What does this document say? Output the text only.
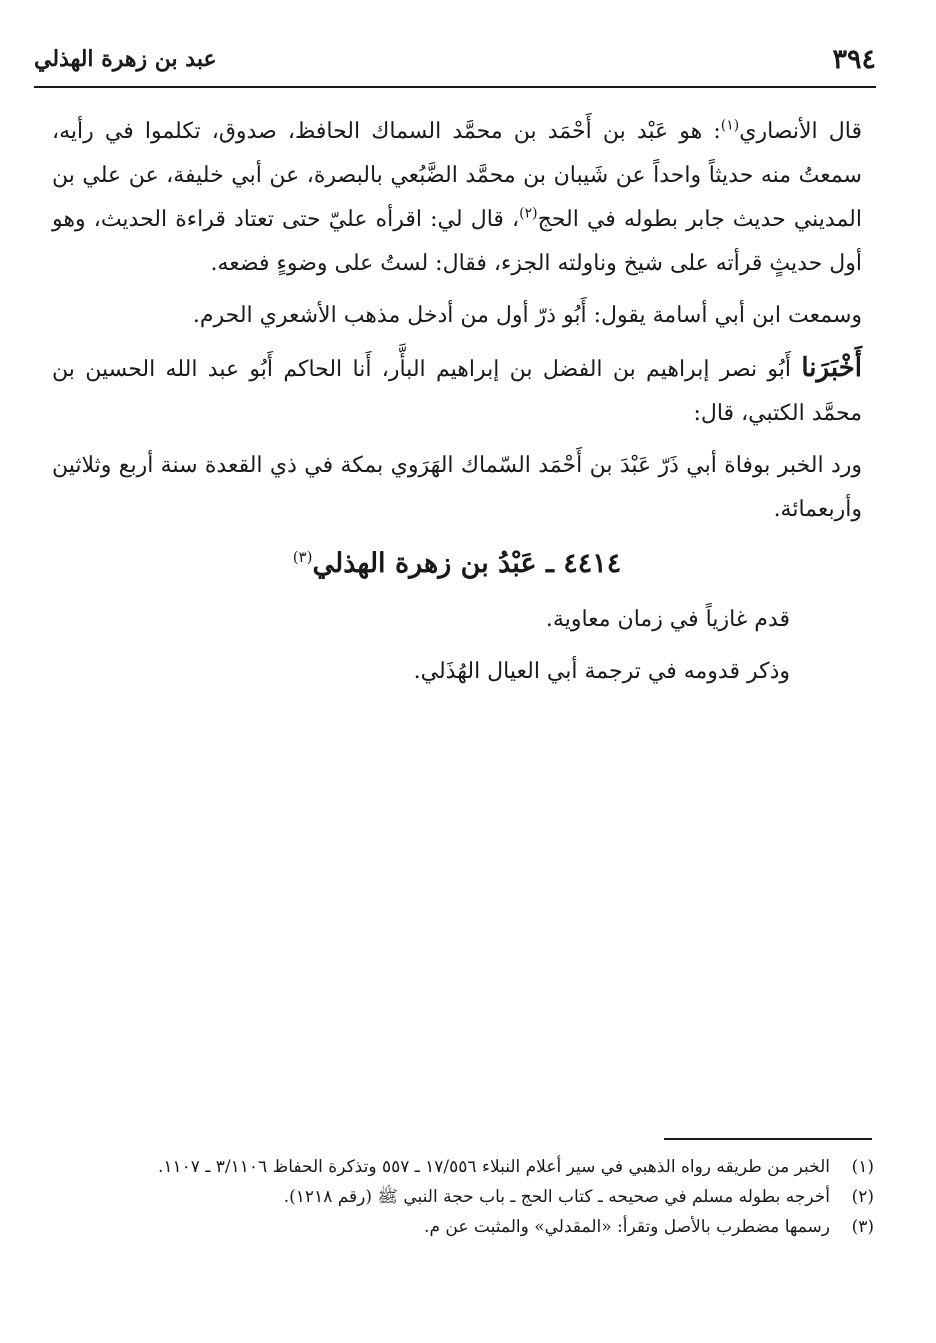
٣٩٤
عبد بن زهرة الهذلي

قال الأنصاري$^{(١)}$: هو عَبْد بن أَحْمَد بن محمَّد السماك الحافظ، صدوق، تكلموا في رأيه، سمعتُ منه حديثاً واحداً عن شَيبان بن محمَّد الضَّبُعي بالبصرة، عن أبي خليفة، عن علي بن المديني حديث جابر بطوله في الحج$^{(٢)}$، قال لي: اقرأه عليّ حتى تعتاد قراءة الحديث، وهو أول حديثٍ قرأته على شيخ وناولته الجزء، فقال: لستُ على وضوءٍ فضعه.

وسمعت ابن أبي أسامة يقول: أَبُو ذرّ أول من أدخل مذهب الأشعري الحرم.

أَخْبَرَنا أَبُو نصر إبراهيم بن الفضل بن إبراهيم البأَّر، أَنا الحاكم أَبُو عبد الله الحسين بن محمَّد الكتبي، قال:

ورد الخبر بوفاة أبي ذَرّ عَبْدَ بن أَحْمَد السّماك الهَرَوي بمكة في ذي القعدة سنة أربع وثلاثين وأربعمائة.

٤٤١٤ ـ عَبْدُ بن زهرة الهذلي$^{(٣)}$

قدم غازياً في زمان معاوية.

وذكر قدومه في ترجمة أبي العيال الهُذَلي.

(١)
الخبر من طريقه رواه الذهبي في سير أعلام النبلاء ١٧/٥٥٦ ـ ٥٥٧ وتذكرة الحفاظ ٣/١١٠٦ ـ ١١٠٧.
(٢)
أخرجه بطوله مسلم في صحيحه ـ كتاب الحج ـ باب حجة النبي ﷺ (رقم ١٢١٨).
(٣)
رسمها مضطرب بالأصل وتقرأ: «المقدلي» والمثبت عن م.
